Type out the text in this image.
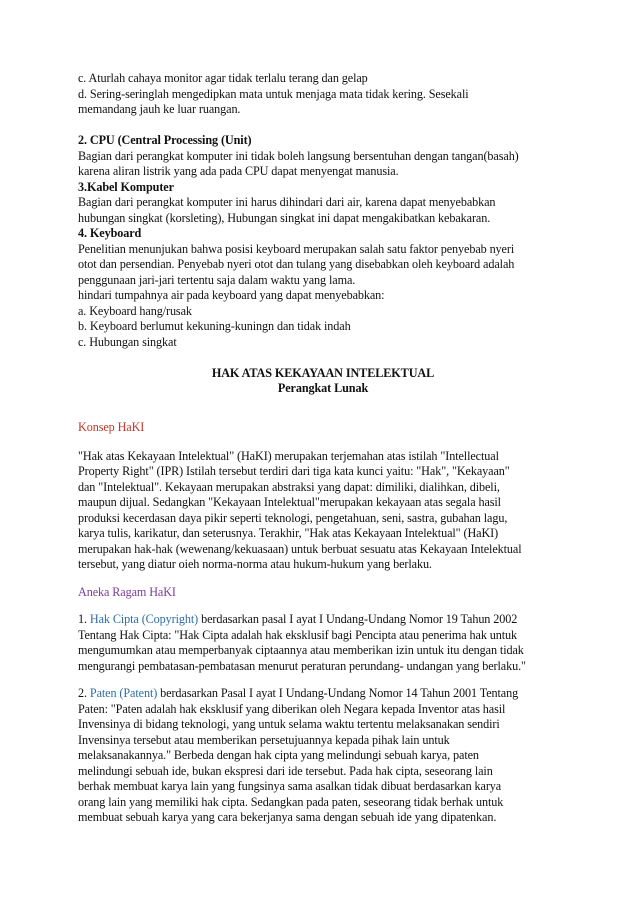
c. Aturlah cahaya monitor agar tidak terlalu terang dan gelap
d. Sering-seringlah mengedipkan mata untuk menjaga mata tidak kering. Sesekali
memandang jauh ke luar ruangan.
2. CPU (Central Processing (Unit)
Bagian dari perangkat komputer ini tidak boleh langsung bersentuhan dengan tangan(basah)
karena aliran listrik yang ada pada CPU dapat menyengat manusia.
3.Kabel Komputer
Bagian dari perangkat komputer ini harus dihindari dari air, karena dapat menyebabkan
hubungan singkat (korsleting), Hubungan singkat ini dapat mengakibatkan kebakaran.
4. Keyboard
Penelitian menunjukan bahwa posisi keyboard merupakan salah satu faktor penyebab nyeri
otot dan persendian. Penyebab nyeri otot dan tulang yang disebabkan oleh keyboard adalah
penggunaan jari-jari tertentu saja dalam waktu yang lama.
hindari tumpahnya air pada keyboard yang dapat menyebabkan:
a. Keyboard hang/rusak
b. Keyboard berlumut kekuning-kuningn dan tidak indah
c. Hubungan singkat
HAK ATAS KEKAYAAN INTELEKTUAL
Perangkat Lunak
Konsep HaKI
"Hak atas Kekayaan Intelektual" (HaKI) merupakan terjemahan atas istilah "Intellectual
Property Right" (IPR) Istilah tersebut terdiri dari tiga kata kunci yaitu: "Hak", "Kekayaan"
dan "Intelektual". Kekayaan merupakan abstraksi yang dapat: dimiliki, dialihkan, dibeli,
maupun dijual. Sedangkan "Kekayaan Intelektual"merupakan kekayaan atas segala hasil
produksi kecerdasan daya pikir seperti teknologi, pengetahuan, seni, sastra, gubahan lagu,
karya tulis, karikatur, dan seterusnya. Terakhir, "Hak atas Kekayaan Intelektual" (HaKI)
merupakan hak-hak (wewenang/kekuasaan) untuk berbuat sesuatu atas Kekayaan Intelektual
tersebut, yang diatur oieh norma-norma atau hukum-hukum yang berlaku.
Aneka Ragam HaKI
1. Hak Cipta (Copyright) berdasarkan pasal I ayat I Undang-Undang Nomor 19 Tahun 2002
Tentang Hak Cipta: "Hak Cipta adalah hak eksklusif bagi Pencipta atau penerima hak untuk
mengumumkan atau memperbanyak ciptaannya atau memberikan izin untuk itu dengan tidak
mengurangi pembatasan-pembatasan menurut peraturan perundang- undangan yang berlaku."
2. Paten (Patent) berdasarkan Pasal I ayat I Undang-Undang Nomor 14 Tahun 2001 Tentang
Paten: "Paten adalah hak eksklusif yang diberikan oleh Negara kepada Inventor atas hasil
Invensinya di bidang teknologi, yang untuk selama waktu tertentu melaksanakan sendiri
Invensinya tersebut atau memberikan persetujuannya kepada pihak lain untuk
melaksanakannya." Berbeda dengan hak cipta yang melindungi sebuah karya, paten
melindungi sebuah ide, bukan ekspresi dari ide tersebut. Pada hak cipta, seseorang lain
berhak membuat karya lain yang fungsinya sama asalkan tidak dibuat berdasarkan karya
orang lain yang memiliki hak cipta. Sedangkan pada paten, seseorang tidak berhak untuk
membuat sebuah karya yang cara bekerjanya sama dengan sebuah ide yang dipatenkan.
